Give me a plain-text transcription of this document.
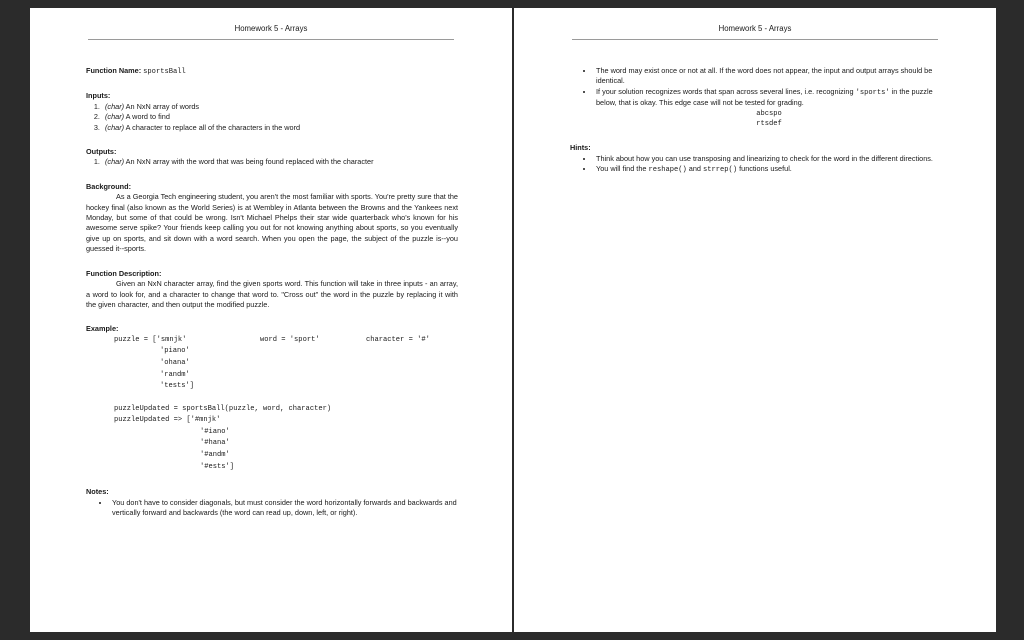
Homework 5 - Arrays
Function Name: sportsBall
Inputs:
1. (char) An NxN array of words
2. (char) A word to find
3. (char) A character to replace all of the characters in the word
Outputs:
1. (char) An NxN array with the word that was being found replaced with the character
Background:
As a Georgia Tech engineering student, you aren't the most familiar with sports. You're pretty sure that the hockey final (also known as the World Series) is at Wembley in Atlanta between the Browns and the Yankees next Monday, but some of that could be wrong. Isn't Michael Phelps their star wide quarterback who's known for his awesome serve spike? Your friends keep calling you out for not knowing anything about sports, so you eventually give up on sports, and sit down with a word search. When you open the page, the subject of the puzzle is--you guessed it--sports.
Function Description:
Given an NxN character array, find the given sports word. This function will take in three inputs - an array, a word to look for, and a character to change that word to. "Cross out" the word in the puzzle by replacing it with the given character, and then output the modified puzzle.
Example:
puzzle = ['smnjk'	word = 'sport'	character = '#'
'piano'
'ohana'
'randm'
'tests']
puzzleUpdated = sportsBall(puzzle, word, character)
puzzleUpdated => ['#mnjk'
'#iano'
'#hana'
'#andm'
'#ests']
Notes:
• You don't have to consider diagonals, but must consider the word horizontally forwards and backwards and vertically forward and backwards (the word can read up, down, left, or right).
Homework 5 - Arrays
• The word may exist once or not at all. If the word does not appear, the input and output arrays should be identical.
• If your solution recognizes words that span across several lines, i.e. recognizing 'sports' in the puzzle below, that is okay. This edge case will not be tested for grading.
abcspo
rtsdef
Hints:
• Think about how you can use transposing and linearizing to check for the word in the different directions.
• You will find the reshape() and strrep() functions useful.
